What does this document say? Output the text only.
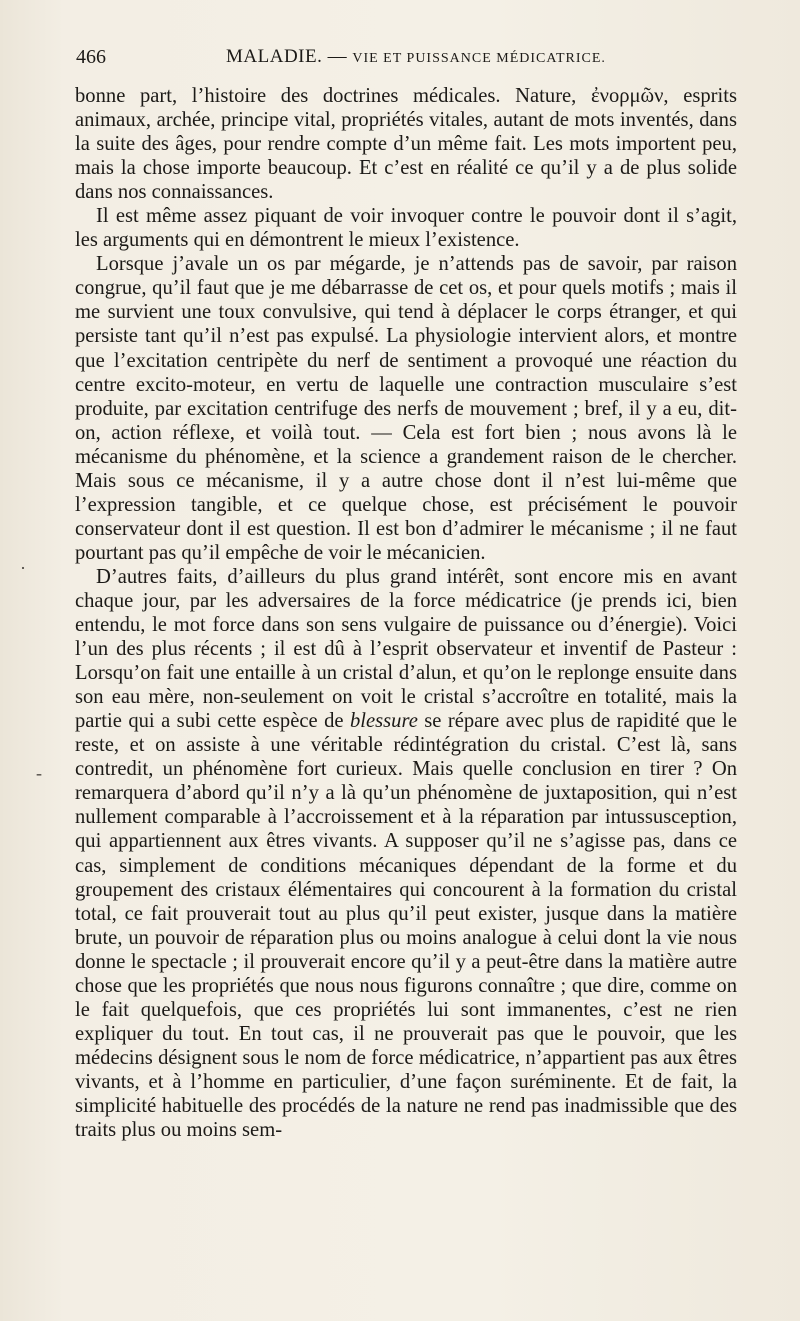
466	MALADIE. — VIE ET PUISSANCE MÉDICATRICE.

bonne part, l’histoire des doctrines médicales. Nature, ἐνορμῶν, esprits animaux, archée, principe vital, propriétés vitales, autant de mots inventés, dans la suite des âges, pour rendre compte d’un même fait. Les mots importent peu, mais la chose importe beaucoup. Et c’est en réalité ce qu’il y a de plus solide dans nos connaissances.

Il est même assez piquant de voir invoquer contre le pouvoir dont il s’agit, les arguments qui en démontrent le mieux l’existence.

Lorsque j’avale un os par mégarde, je n’attends pas de savoir, par raison congrue, qu’il faut que je me débarrasse de cet os, et pour quels motifs ; mais il me survient une toux convulsive, qui tend à déplacer le corps étranger, et qui persiste tant qu’il n’est pas expulsé. La physiologie intervient alors, et montre que l’excitation centripète du nerf de sentiment a provoqué une réaction du centre excito-moteur, en vertu de laquelle une contraction musculaire s’est produite, par excitation centrifuge des nerfs de mouvement ; bref, il y a eu, dit-on, action réflexe, et voilà tout. — Cela est fort bien ; nous avons là le mécanisme du phénomène, et la science a grandement raison de le chercher. Mais sous ce mécanisme, il y a autre chose dont il n’est lui-même que l’expression tangible, et ce quelque chose, est précisément le pouvoir conservateur dont il est question. Il est bon d’admirer le mécanisme ; il ne faut pourtant pas qu’il empêche de voir le mécanicien.

D’autres faits, d’ailleurs du plus grand intérêt, sont encore mis en avant chaque jour, par les adversaires de la force médicatrice (je prends ici, bien entendu, le mot force dans son sens vulgaire de puissance ou d’énergie). Voici l’un des plus récents ; il est dû à l’esprit observateur et inventif de Pasteur : Lorsqu’on fait une entaille à un cristal d’alun, et qu’on le replonge ensuite dans son eau mère, non-seulement on voit le cristal s’accroître en totalité, mais la partie qui a subi cette espèce de blessure se répare avec plus de rapidité que le reste, et on assiste à une véritable rédintégration du cristal. C’est là, sans contredit, un phénomène fort curieux. Mais quelle conclusion en tirer ? On remarquera d’abord qu’il n’y a là qu’un phénomène de juxtaposition, qui n’est nullement comparable à l’accroissement et à la réparation par intussusception, qui appartiennent aux êtres vivants. A supposer qu’il ne s’agisse pas, dans ce cas, simplement de conditions mécaniques dépendant de la forme et du groupement des cristaux élémentaires qui concourent à la formation du cristal total, ce fait prouverait tout au plus qu’il peut exister, jusque dans la matière brute, un pouvoir de réparation plus ou moins analogue à celui dont la vie nous donne le spectacle ; il prouverait encore qu’il y a peut-être dans la matière autre chose que les propriétés que nous nous figurons connaître ; que dire, comme on le fait quelquefois, que ces propriétés lui sont immanentes, c’est ne rien expliquer du tout. En tout cas, il ne prouverait pas que le pouvoir, que les médecins désignent sous le nom de force médicatrice, n’appartient pas aux êtres vivants, et à l’homme en particulier, d’une façon suréminente. Et de fait, la simplicité habituelle des procédés de la nature ne rend pas inadmissible que des traits plus ou moins sem-

·
-
